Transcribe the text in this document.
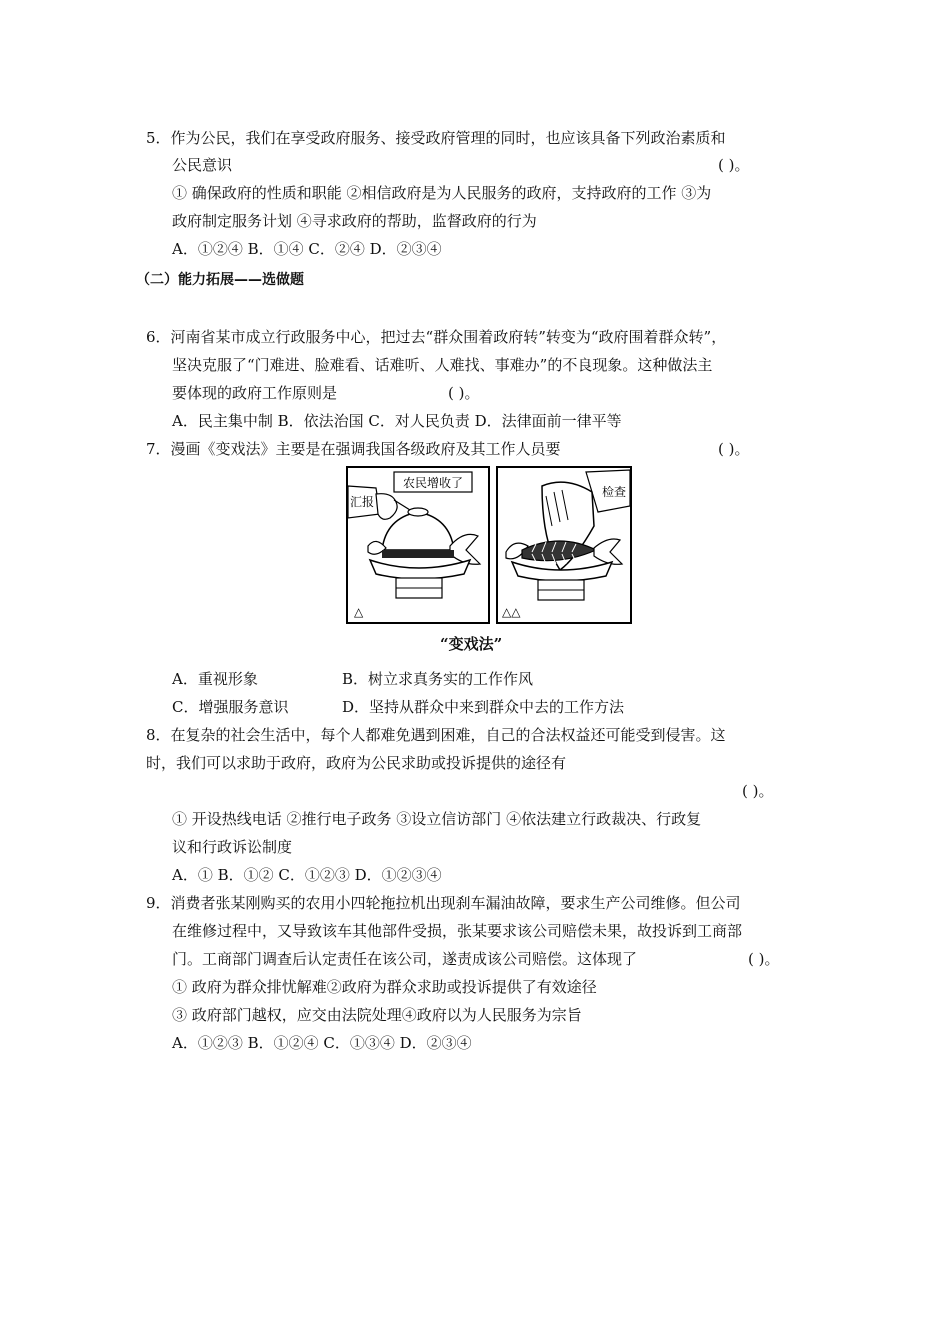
5．作为公民，我们在享受政府服务、接受政府管理的同时，也应该具备下列政治素质和
公民意识	( )。
① 确保政府的性质和职能 ②相信政府是为人民服务的政府，支持政府的工作 ③为
政府制定服务计划 ④寻求政府的帮助，监督政府的行为
A．①②④ B．①④ C．②④ D．②③④
（二）能力拓展——选做题
6．河南省某市成立行政服务中心，把过去“群众围着政府转”转变为“政府围着群众转”，
坚决克服了“门难进、脸难看、话难听、人难找、事难办”的不良现象。这种做法主
要体现的政府工作原则是	( )。
A．民主集中制 B．依法治国 C．对人民负责 D．法律面前一律平等
7．漫画《变戏法》主要是在强调我国各级政府及其工作人员要	( )。
农民增收了
汇报
△
检查
△△
“变戏法”
A．重视形象	B．树立求真务实的工作作风
C．增强服务意识	D．坚持从群众中来到群众中去的工作方法
8．在复杂的社会生活中，每个人都难免遇到困难，自己的合法权益还可能受到侵害。这
时，我们可以求助于政府，政府为公民求助或投诉提供的途径有
( )。
① 开设热线电话 ②推行电子政务 ③设立信访部门 ④依法建立行政裁决、行政复
议和行政诉讼制度
A．① B．①② C．①②③ D．①②③④
9．消费者张某刚购买的农用小四轮拖拉机出现刹车漏油故障，要求生产公司维修。但公司
在维修过程中，又导致该车其他部件受损，张某要求该公司赔偿未果，故投诉到工商部
门。工商部门调查后认定责任在该公司，遂责成该公司赔偿。这体现了	( )。
① 政府为群众排忧解难②政府为群众求助或投诉提供了有效途径
③ 政府部门越权，应交由法院处理④政府以为人民服务为宗旨
A．①②③ B．①②④ C．①③④ D．②③④
